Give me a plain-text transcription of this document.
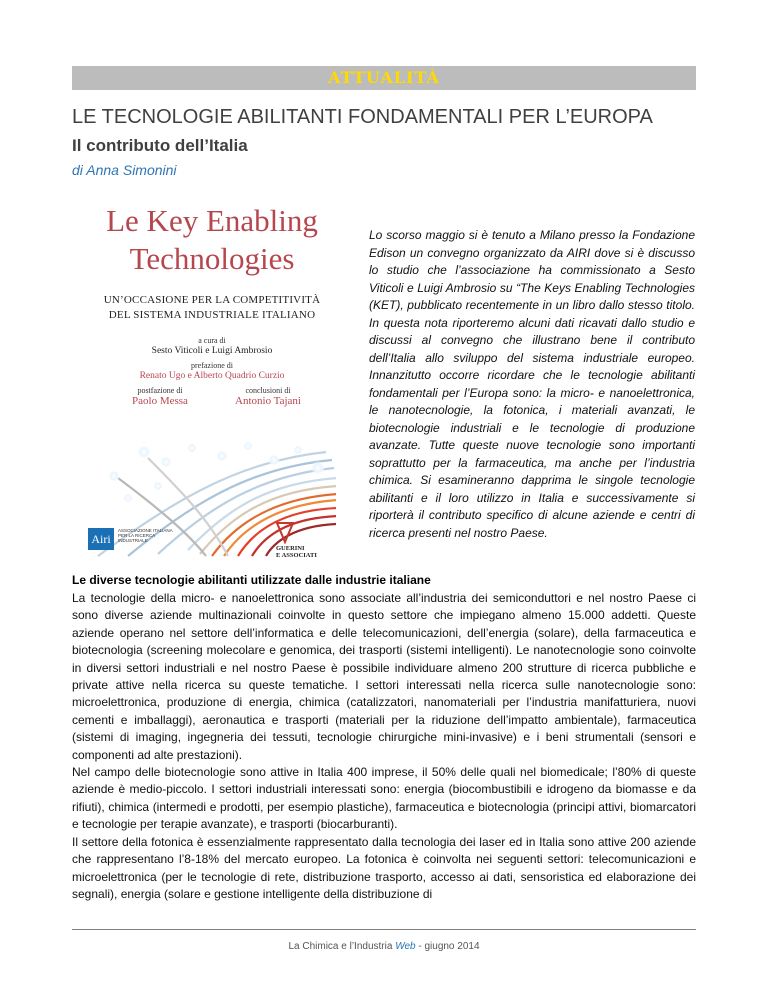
ATTUALITÀ
LE TECNOLOGIE ABILITANTI FONDAMENTALI PER L’EUROPA
Il contributo dell’Italia
di Anna Simonini
Le Key Enabling
Technologies
UN’OCCASIONE PER LA COMPETITIVITÀ
DEL SISTEMA INDUSTRIALE ITALIANO
a cura di
Sesto Viticoli e Luigi Ambrosio
prefazione di
Renato Ugo e Alberto Quadrio Curzio
postfazione di
Paolo Messa
conclusioni di
Antonio Tajani
Airi
ASSOCIAZIONE ITALIANA PER LA RICERCA INDUSTRIALE
GUERINI
E ASSOCIATI
Lo scorso maggio si è tenuto a Milano presso la Fondazione Edison un convegno organizzato da AIRI dove si è discusso lo studio che l’associazione ha commissionato a Sesto Viticoli e Luigi Ambrosio su “The Keys Enabling Technologies (KET), pubblicato recentemente in un libro dallo stesso titolo. In questa nota riporteremo alcuni dati ricavati dallo studio e discussi al convegno che illustrano bene il contributo dell’Italia allo sviluppo del sistema industriale europeo. Innanzitutto occorre ricordare che le tecnologie abilitanti fondamentali per l’Europa sono: la micro- e nanoelettronica, le nanotecnologie, la fotonica, i materiali avanzati, le biotecnologie industriali e le tecnologie di produzione avanzate. Tutte queste nuove tecnologie sono importanti soprattutto per la farmaceutica, ma anche per l’industria chimica. Si esamineranno dapprima le singole tecnologie abilitanti e il loro utilizzo in Italia e successivamente si riporterà il contributo specifico di alcune aziende e centri di ricerca presenti nel nostro Paese.
Le diverse tecnologie abilitanti utilizzate dalle industrie italiane

La tecnologie della micro- e nanoelettronica sono associate all’industria dei semiconduttori e nel nostro Paese ci sono diverse aziende multinazionali coinvolte in questo settore che impiegano almeno 15.000 addetti. Queste aziende operano nel settore dell’informatica e delle telecomunicazioni, dell’energia (solare), della farmaceutica e biotecnologia (screening molecolare e genomica, dei trasporti (sistemi intelligenti). Le nanotecnologie sono coinvolte in diversi settori industriali e nel nostro Paese è possibile individuare almeno 200 strutture di ricerca pubbliche e private attive nella ricerca su queste tematiche. I settori interessati nella ricerca sulle nanotecnologie sono: microelettronica, produzione di energia, chimica (catalizzatori, nanomateriali per l’industria manifatturiera, nuovi cementi e imballaggi), aeronautica e trasporti (materiali per la riduzione dell’impatto ambientale), farmaceutica (sistemi di imaging, ingegneria dei tessuti, tecnologie chirurgiche mini-invasive) e i beni strumentali (sensori e componenti ad alte prestazioni).

Nel campo delle biotecnologie sono attive in Italia 400 imprese, il 50% delle quali nel biomedicale; l’80% di queste aziende è medio-piccolo. I settori industriali interessati sono: energia (biocombustibili e idrogeno da biomasse e da rifiuti), chimica (intermedi e prodotti, per esempio plastiche), farmaceutica e biotecnologia (principi attivi, biomarcatori e tecnologie per terapie avanzate), e trasporti (biocarburanti).

Il settore della fotonica è essenzialmente rappresentato dalla tecnologia dei laser ed in Italia sono attive 200 aziende che rappresentano l’8-18% del mercato europeo. La fotonica è coinvolta nei seguenti settori: telecomunicazioni e microelettronica (per le tecnologie di rete, distribuzione trasporto, accesso ai dati, sensoristica ed elaborazione dei segnali), energia (solare e gestione intelligente della distribuzione di

La Chimica e l’Industria Web - giugno 2014
